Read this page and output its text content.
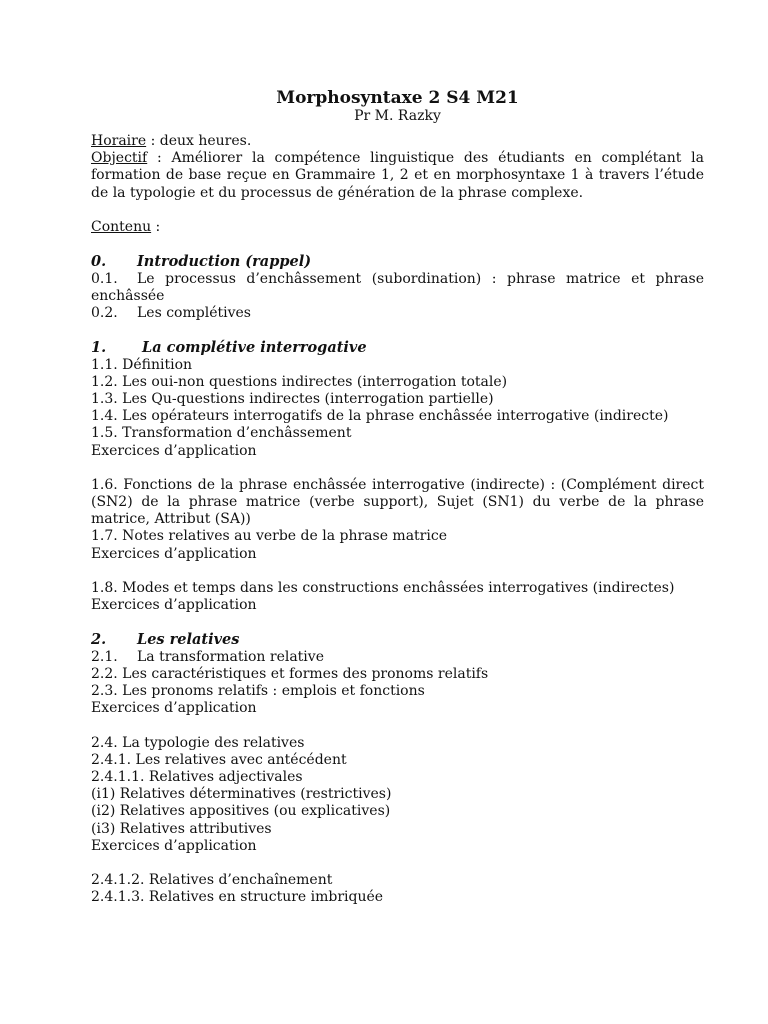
Morphosyntaxe 2 S4 M21
Pr M. Razky

Horaire : deux heures.

Objectif : Améliorer la compétence linguistique des étudiants en complétant la formation de base reçue en Grammaire 1, 2 et en morphosyntaxe 1 à travers l’étude de la typologie et du processus de génération de la phrase complexe.

Contenu :

0. Introduction (rappel)

0.1. Le processus d’enchâssement (subordination) : phrase matrice et phrase enchâssée

0.2. Les complétives

1. La complétive interrogative

1.1. Définition

1.2. Les oui-non questions indirectes (interrogation totale)

1.3. Les Qu-questions indirectes (interrogation partielle)

1.4. Les opérateurs interrogatifs de la phrase enchâssée interrogative (indirecte)

1.5. Transformation d’enchâssement

Exercices d’application

1.6. Fonctions de la phrase enchâssée interrogative (indirecte) : (Complément direct (SN2) de la phrase matrice (verbe support), Sujet (SN1) du verbe de la phrase matrice, Attribut (SA))

1.7. Notes relatives au verbe de la phrase matrice

Exercices d’application

1.8. Modes et temps dans les constructions enchâssées interrogatives (indirectes)

Exercices d’application

2. Les relatives

2.1. La transformation relative

2.2. Les caractéristiques et formes des pronoms relatifs

2.3. Les pronoms relatifs : emplois et fonctions

Exercices d’application

2.4. La typologie des relatives

2.4.1. Les relatives avec antécédent

2.4.1.1. Relatives adjectivales

(i1) Relatives déterminatives (restrictives)

(i2) Relatives appositives (ou explicatives)

(i3) Relatives attributives

Exercices d’application

2.4.1.2. Relatives d’enchaînement

2.4.1.3. Relatives en structure imbriquée
